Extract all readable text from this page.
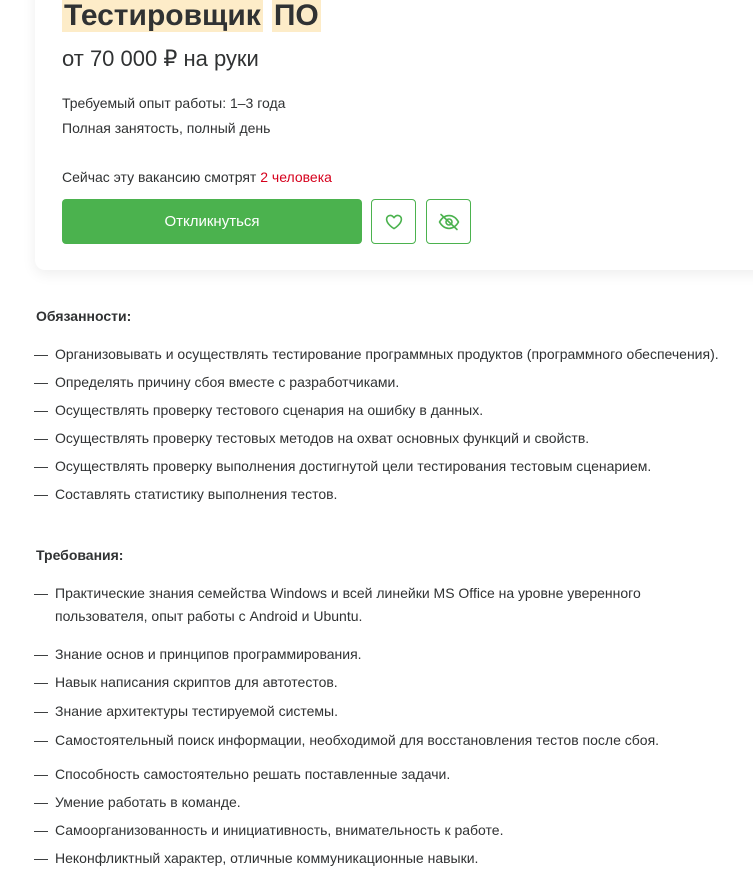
Тестировщик ПО
от 70 000 ₽ на руки
Требуемый опыт работы: 1–3 года
Полная занятость, полный день
Сейчас эту вакансию смотрят 2 человека
Откликнуться
Обязанности:
— Организовывать и осуществлять тестирование программных продуктов (программного обеспечения).
— Определять причину сбоя вместе с разработчиками.
— Осуществлять проверку тестового сценария на ошибку в данных.
— Осуществлять проверку тестовых методов на охват основных функций и свойств.
— Осуществлять проверку выполнения достигнутой цели тестирования тестовым сценарием.
— Составлять статистику выполнения тестов.
Требования:
— Практические знания семейства Windows и всей линейки MS Office на уровне уверенного пользователя, опыт работы с Android и Ubuntu.
— Знание основ и принципов программирования.
— Навык написания скриптов для автотестов.
— Знание архитектуры тестируемой системы.
— Самостоятельный поиск информации, необходимой для восстановления тестов после сбоя.
— Способность самостоятельно решать поставленные задачи.
— Умение работать в команде.
— Самоорганизованность и инициативность, внимательность к работе.
— Неконфликтный характер, отличные коммуникационные навыки.
